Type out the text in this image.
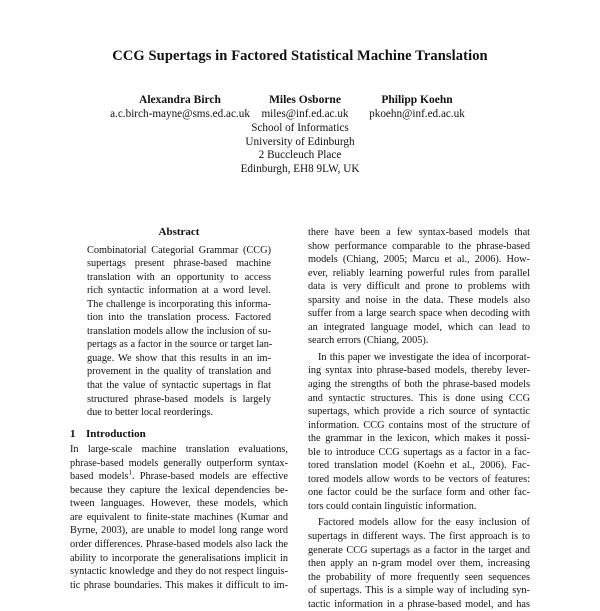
CCG Supertags in Factored Statistical Machine Translation
Alexandra Birch
a.c.birch-mayne@sms.ed.ac.uk
Miles Osborne
miles@inf.ed.ac.uk
Philipp Koehn
pkoehn@inf.ed.ac.uk
School of Informatics
University of Edinburgh
2 Buccleuch Place
Edinburgh, EH8 9LW, UK
Abstract
Combinatorial Categorial Grammar (CCG)
supertags present phrase-based machine
translation with an opportunity to access
rich syntactic information at a word level.
The challenge is incorporating this informa-
tion into the translation process. Factored
translation models allow the inclusion of su-
pertags as a factor in the source or target lan-
guage. We show that this results in an im-
provement in the quality of translation and
that the value of syntactic supertags in flat
structured phrase-based models is largely
due to better local reorderings.
1 Introduction
In large-scale machine translation evaluations,
phrase-based models generally outperform syntax-
based models$^1$. Phrase-based models are effective
because they capture the lexical dependencies be-
tween languages. However, these models, which
are equivalent to finite-state machines (Kumar and
Byrne, 2003), are unable to model long range word
order differences. Phrase-based models also lack the
ability to incorporate the generalisations implicit in
syntactic knowledge and they do not respect linguis-
tic phrase boundaries. This makes it difficult to im-
there have been a few syntax-based models that
show performance comparable to the phrase-based
models (Chiang, 2005; Marcu et al., 2006). How-
ever, reliably learning powerful rules from parallel
data is very difficult and prone to problems with
sparsity and noise in the data. These models also
suffer from a large search space when decoding with
an integrated language model, which can lead to
search errors (Chiang, 2005).
In this paper we investigate the idea of incorporat-
ing syntax into phrase-based models, thereby lever-
aging the strengths of both the phrase-based models
and syntactic structures. This is done using CCG
supertags, which provide a rich source of syntactic
information. CCG contains most of the structure of
the grammar in the lexicon, which makes it possi-
ble to introduce CCG supertags as a factor in a fac-
tored translation model (Koehn et al., 2006). Fac-
tored models allow words to be vectors of features:
one factor could be the surface form and other fac-
tors could contain linguistic information.
Factored models allow for the easy inclusion of
supertags in different ways. The first approach is to
generate CCG supertags as a factor in the target and
then apply an n-gram model over them, increasing
the probability of more frequently seen sequences
of supertags. This is a simple way of including syn-
tactic information in a phrase-based model, and has
